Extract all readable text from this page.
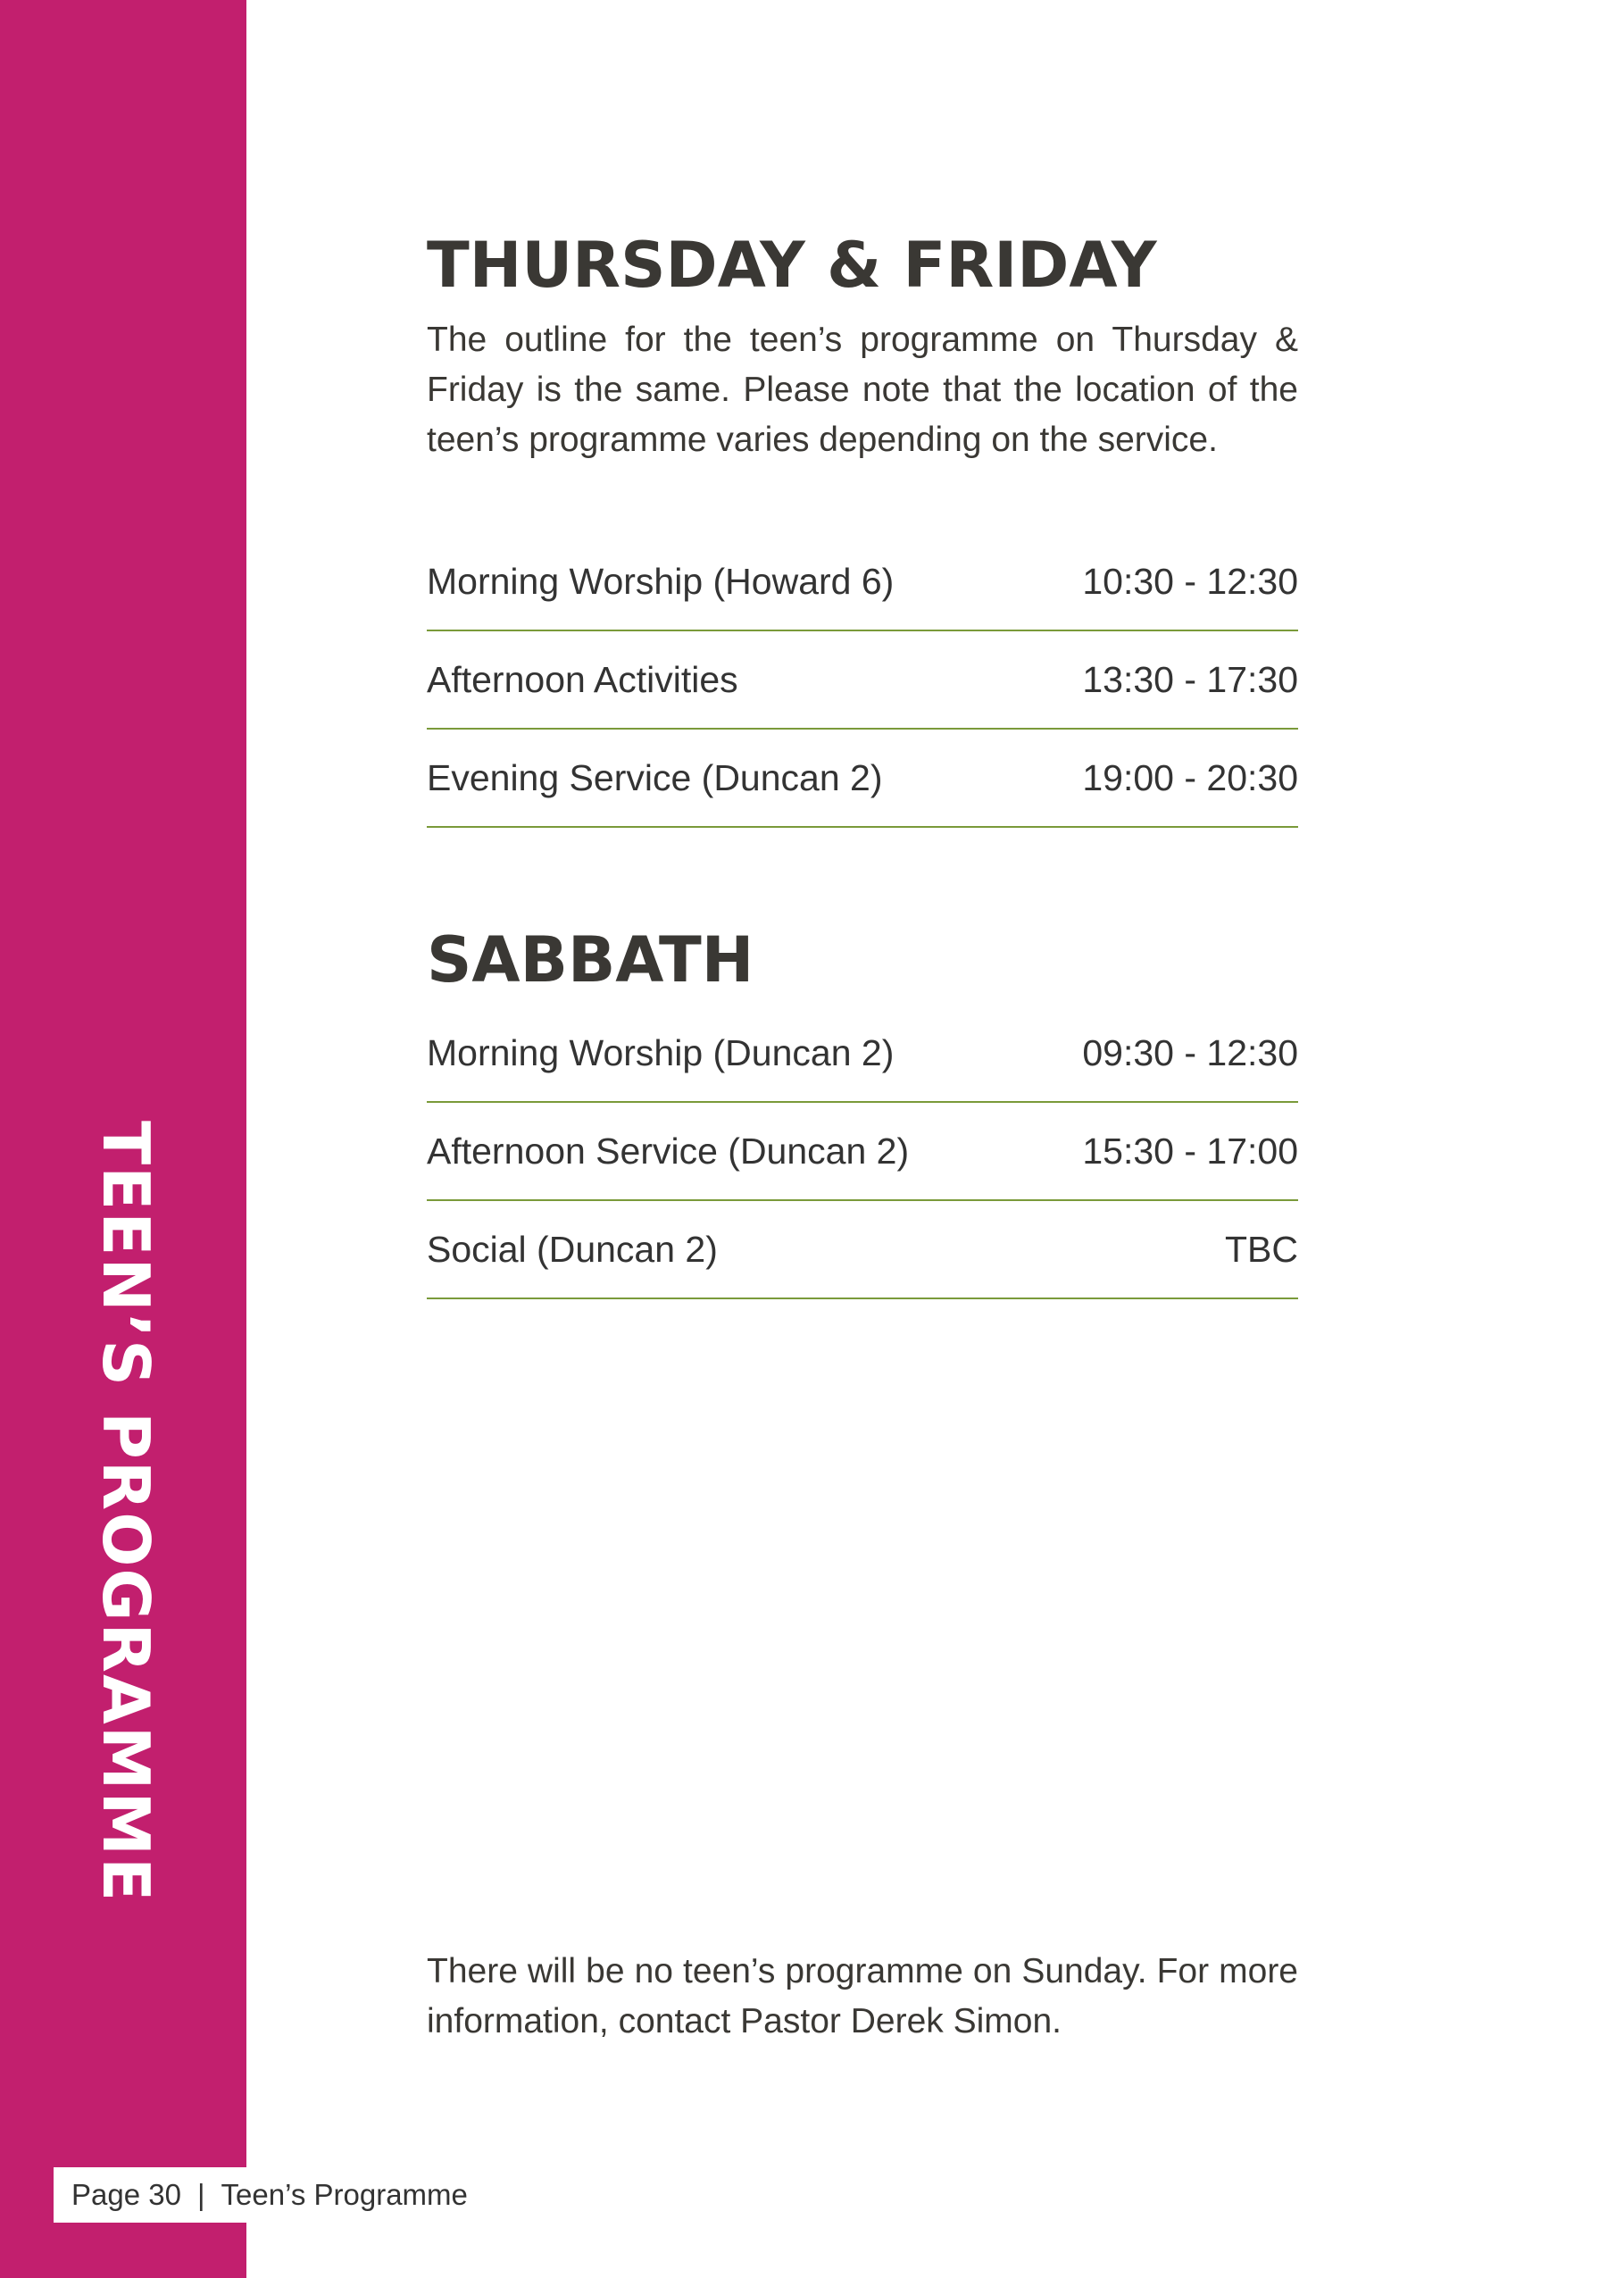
TEEN’S PROGRAMME
Page 30 | Teen’s Programme
THURSDAY & FRIDAY

The outline for the teen’s programme on Thursday & Friday is the same. Please note that the location of the teen’s programme varies depending on the service.

Morning Worship (Howard 6)	10:30 - 12:30
Afternoon Activities	13:30 - 17:30
Evening Service (Duncan 2)	19:00 - 20:30
SABBATH
Morning Worship (Duncan 2)	09:30 - 12:30
Afternoon Service (Duncan 2)	15:30 - 17:00
Social (Duncan 2)	TBC

There will be no teen’s programme on Sunday. For more information, contact Pastor Derek Simon.
